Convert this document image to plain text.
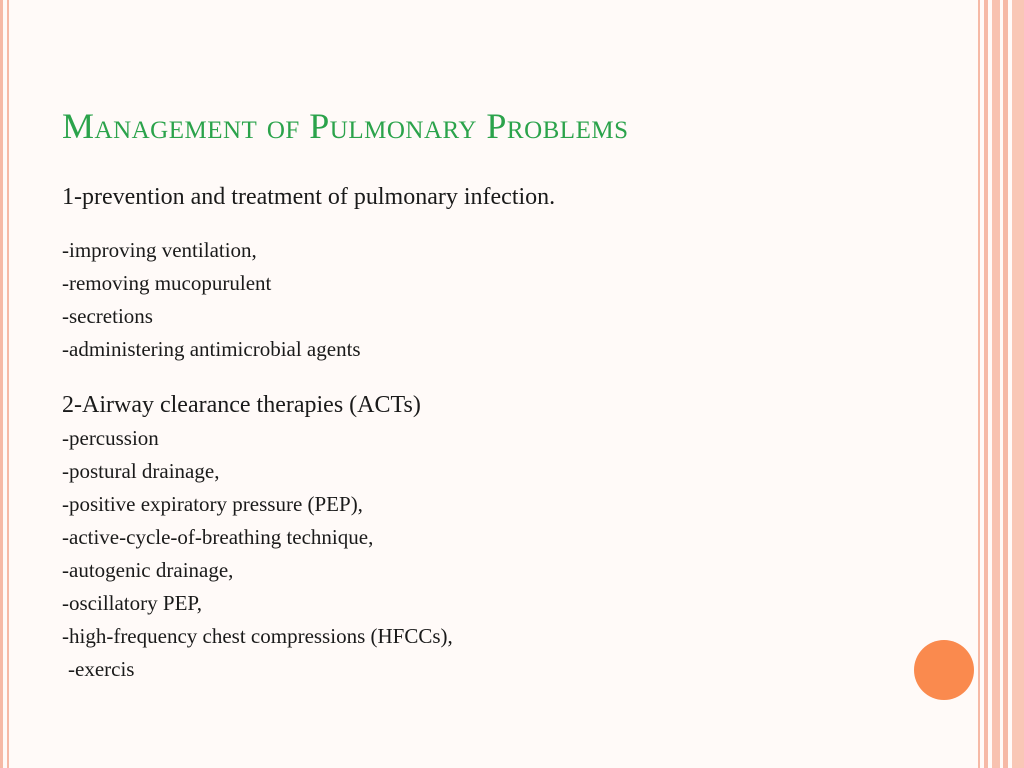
Management of Pulmonary Problems

1-prevention and treatment of pulmonary infection.

-improving ventilation,

-removing mucopurulent

-secretions

-administering antimicrobial agents

2-Airway clearance therapies (ACTs)

-percussion

-postural drainage,

-positive expiratory pressure (PEP),

-active-cycle-of-breathing technique,

-autogenic drainage,

-oscillatory PEP,

-high-frequency chest compressions (HFCCs),

-exercis
